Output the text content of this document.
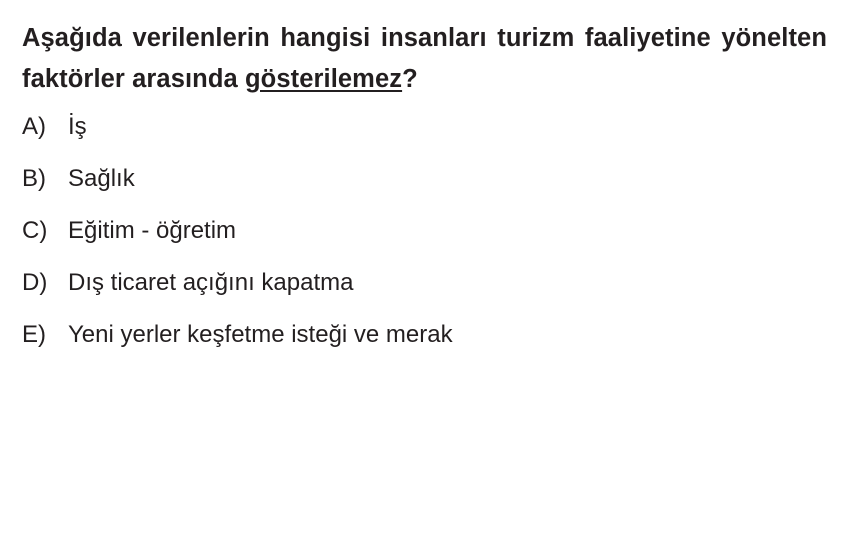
Aşağıda verilenlerin hangisi insanları turizm faaliyetine yönelten faktörler arasında gösterilemez?

A) İş
B) Sağlık
C) Eğitim - öğretim
D) Dış ticaret açığını kapatma
E) Yeni yerler keşfetme isteği ve merak
